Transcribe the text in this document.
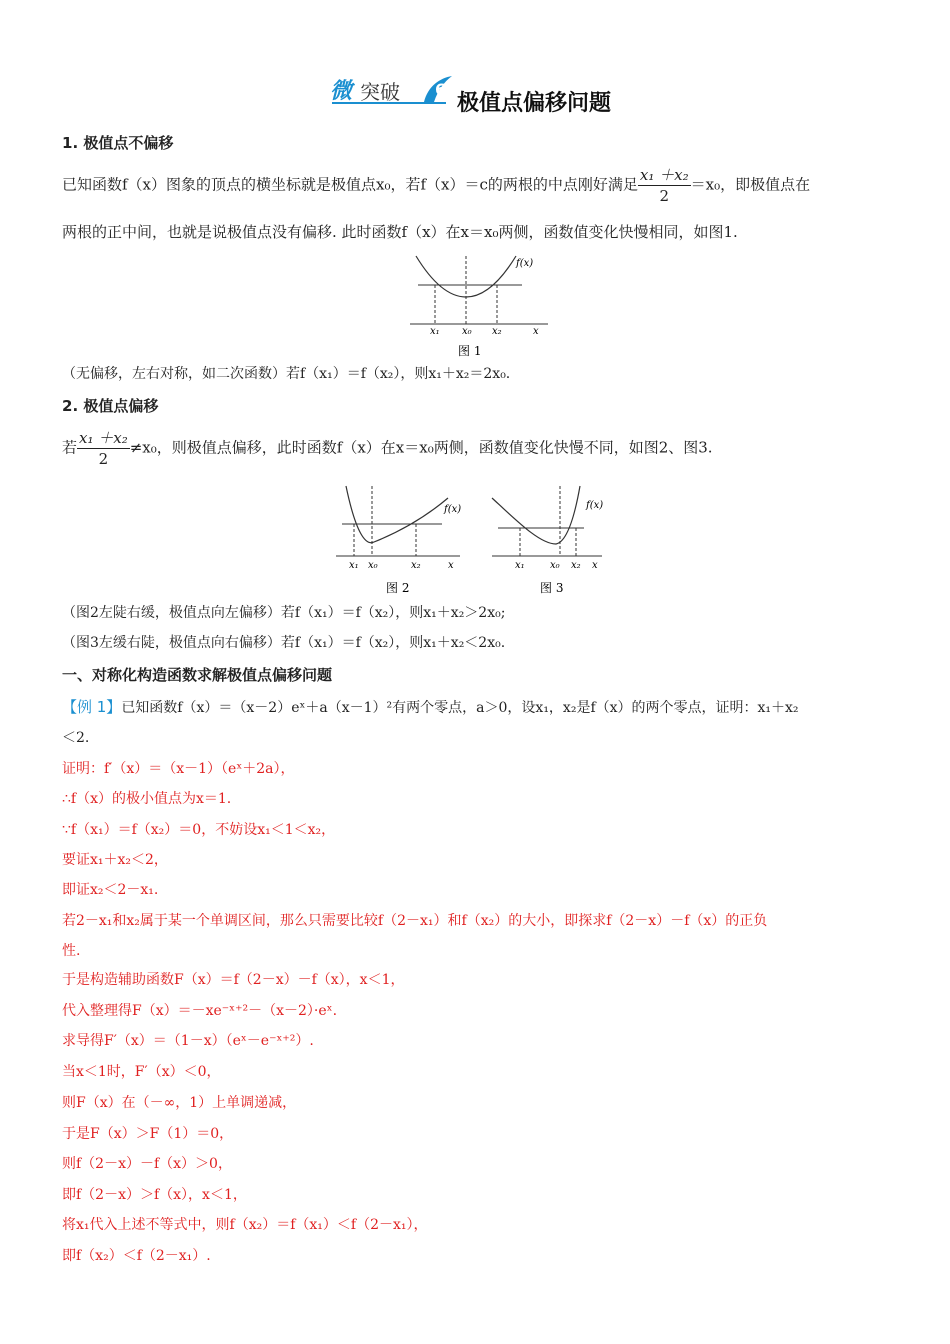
微 突破 6
极值点偏移问题
1. 极值点不偏移
已知函数f（x）图象的顶点的横坐标就是极值点x₀，若f（x）＝c的两根的中点刚好满足 $\frac{\text{x₁ ＋x₂}}{2} =x_0$，即极值点在
两根的正中间，也就是说极值点没有偏移. 此时函数f（x）在x＝x₀两侧，函数值变化快慢相同，如图1.
f(x)
x₁ x₀ x₂	x
图 1
（无偏移，左右对称，如二次函数）若f（x₁）＝f（x₂），则x₁＋x₂＝2x₀.
2. 极值点偏移
若 $\frac{\text{x₁ ＋x₂}}{2} \ne x_0$，则极值点偏移，此时函数f（x）在x＝x₀两侧，函数值变化快慢不同，如图2、图3.
f(x)
x₁ x₀	x₂	x
图 2
f(x)
x₁	x₀ x₂ x
图 3
（图2左陡右缓，极值点向左偏移）若f（x₁）＝f（x₂），则x₁＋x₂＞2x₀;
（图3左缓右陡，极值点向右偏移）若f（x₁）＝f（x₂），则x₁＋x₂＜2x₀.
一、对称化构造函数求解极值点偏移问题
【例 1】已知函数f（x）＝（x－2）eˣ＋a（x－1）²有两个零点，a＞0，设x₁，x₂是f（x）的两个零点，证明：x₁＋x₂
＜2.
证明：f′（x）＝（x－1）（eˣ＋2a），
∴f（x）的极小值点为x＝1.
∵f（x₁）＝f（x₂）＝0，不妨设x₁＜1＜x₂，
要证x₁＋x₂＜2，
即证x₂＜2－x₁.
若2－x₁和x₂属于某一个单调区间，那么只需要比较f（2－x₁）和f（x₂）的大小，即探求f（2－x）－f（x）的正负
性.
于是构造辅助函数F（x）＝f（2－x）－f（x），x＜1，
代入整理得F（x）＝－xe⁻ˣ⁺²－（x－2）·eˣ.
求导得F′（x）＝（1－x）（eˣ－e⁻ˣ⁺²）.
当x＜1时，F′（x）＜0，
则F（x）在（－∞，1）上单调递减，
于是F（x）＞F（1）＝0，
则f（2－x）－f（x）＞0，
即f（2－x）＞f（x），x＜1，
将x₁代入上述不等式中，则f（x₂）＝f（x₁）＜f（2－x₁），
即f（x₂）＜f（2－x₁）.
